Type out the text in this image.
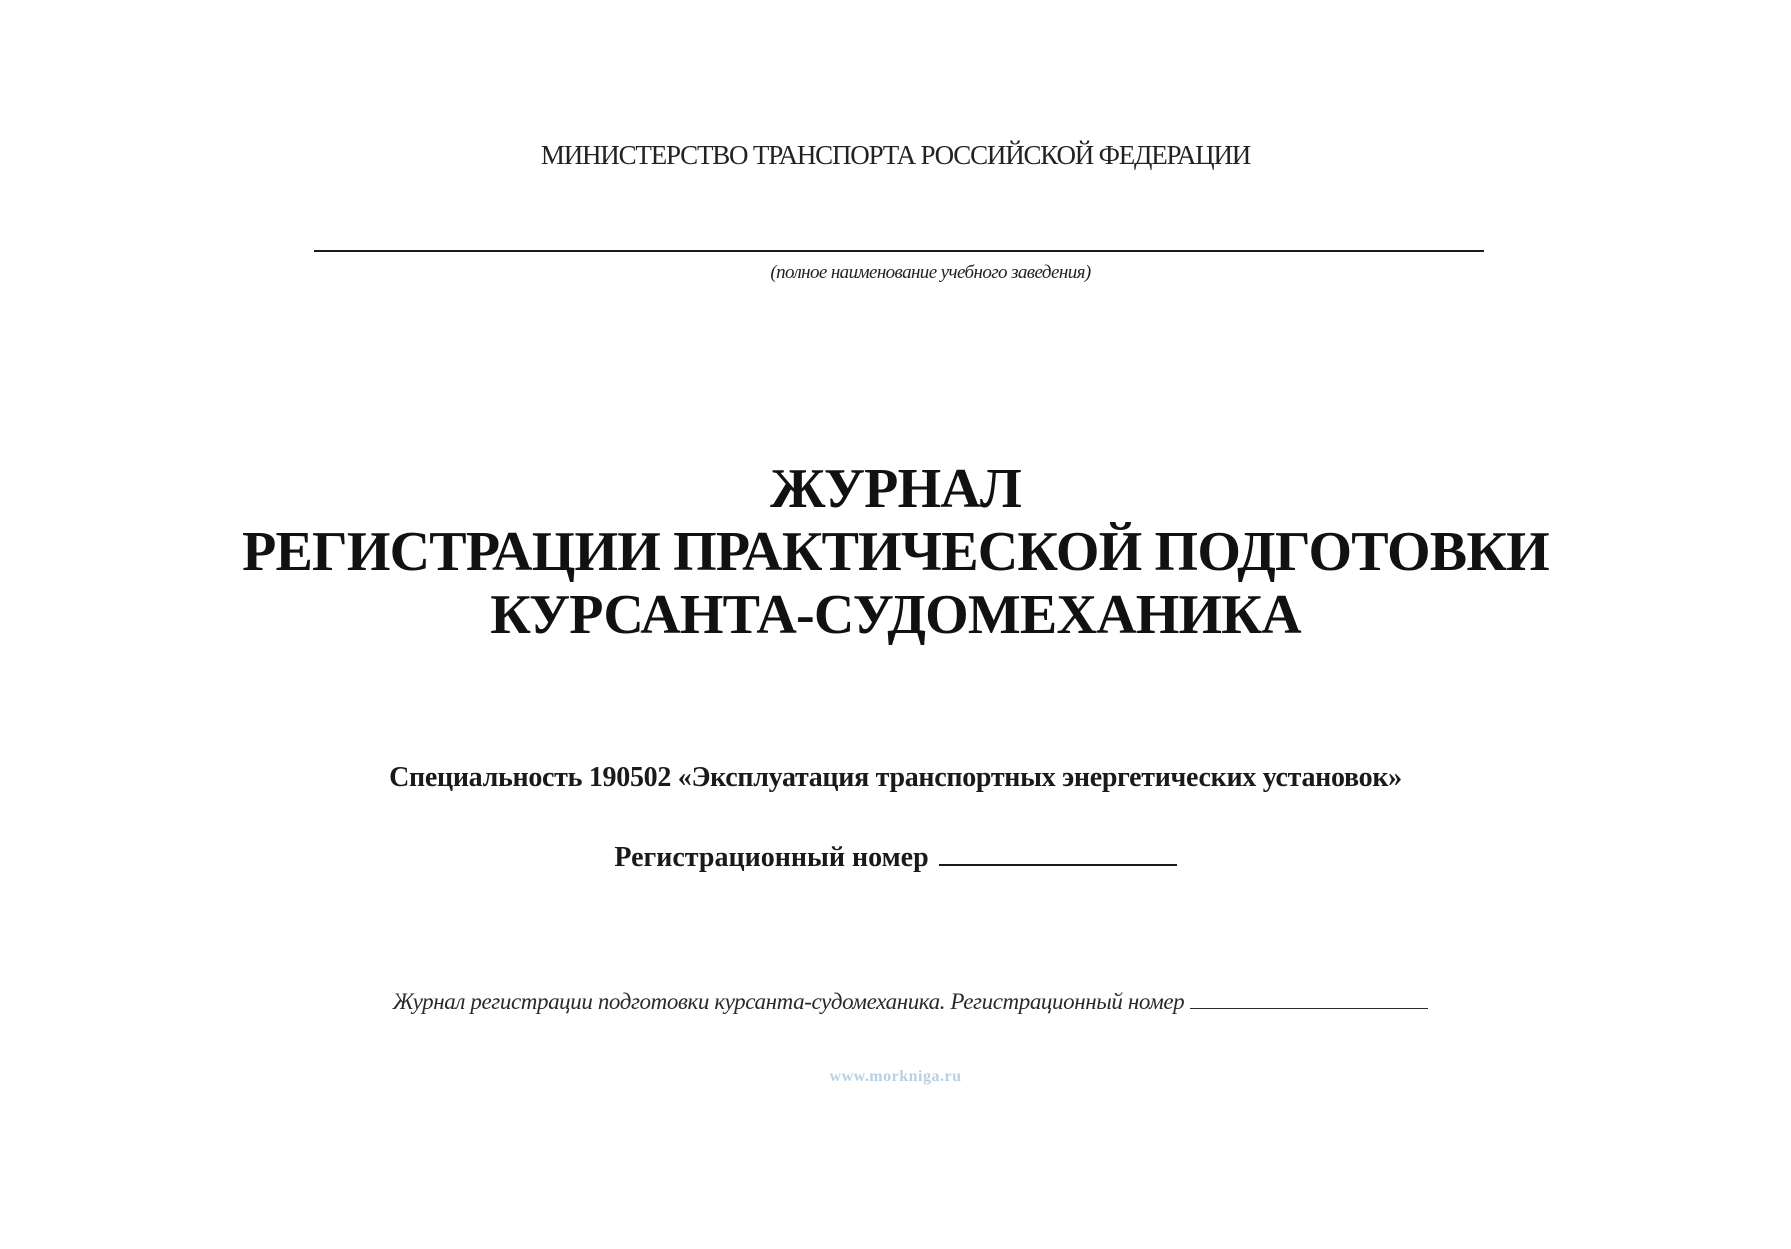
МИНИСТЕРСТВО ТРАНСПОРТА РОССИЙСКОЙ ФЕДЕРАЦИИ
(полное наименование учебного заведения)
ЖУРНАЛ
РЕГИСТРАЦИИ ПРАКТИЧЕСКОЙ ПОДГОТОВКИ
КУРСАНТА-СУДОМЕХАНИКА
Специальность 190502 «Эксплуатация транспортных энергетических установок»
Регистрационный номер
Журнал регистрации подготовки курсанта-судомеханика. Регистрационный номер
www.morkniga.ru
